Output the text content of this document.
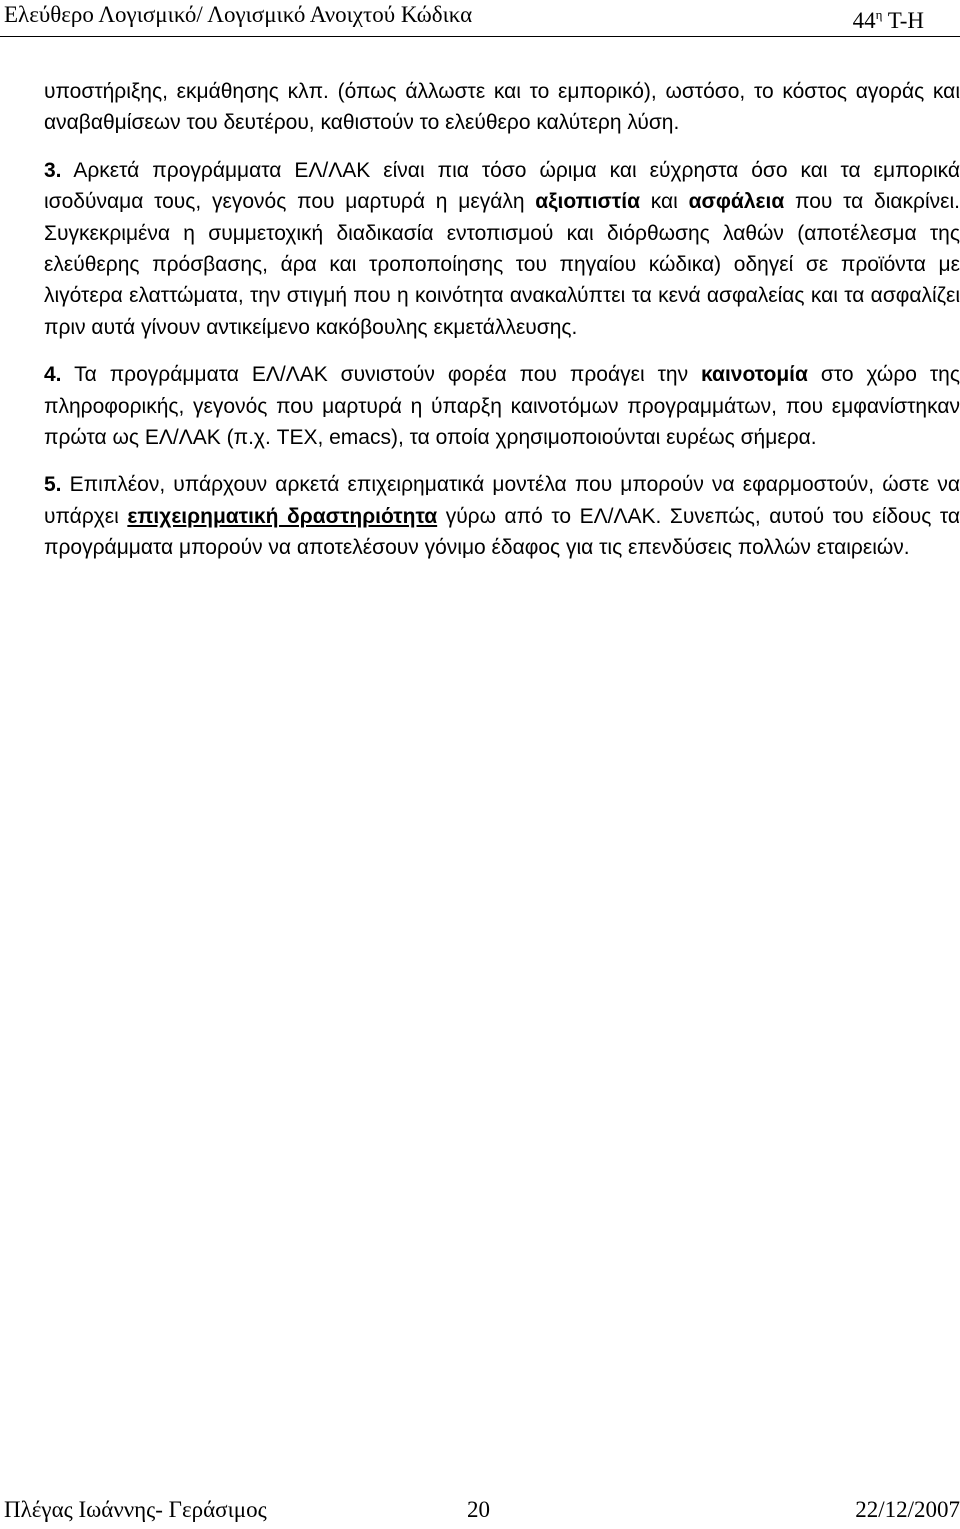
Ελεύθερο Λογισμικό/ Λογισμικό Ανοιχτού Κώδικα	$44^\eta$ Τ-Η

υποστήριξης, εκμάθησης κλπ. (όπως άλλωστε και το εμπορικό), ωστόσο, το κόστος αγοράς και αναβαθμίσεων του δευτέρου, καθιστούν το ελεύθερο καλύτερη λύση.

3. Αρκετά προγράμματα ΕΛ/ΛΑΚ είναι πια τόσο ώριμα και εύχρηστα όσο και τα εμπορικά ισοδύναμα τους, γεγονός που μαρτυρά η μεγάλη αξιοπιστία και ασφάλεια που τα διακρίνει. Συγκεκριμένα η συμμετοχική διαδικασία εντοπισμού και διόρθωσης λαθών (αποτέλεσμα της ελεύθερης πρόσβασης, άρα και τροποποίησης του πηγαίου κώδικα) οδηγεί σε προϊόντα με λιγότερα ελαττώματα, την στιγμή που η κοινότητα ανακαλύπτει τα κενά ασφαλείας και τα ασφαλίζει πριν αυτά γίνουν αντικείμενο κακόβουλης εκμετάλλευσης.

4. Τα προγράμματα ΕΛ/ΛΑΚ συνιστούν φορέα που προάγει την καινοτομία στο χώρο της πληροφορικής, γεγονός που μαρτυρά η ύπαρξη καινοτόμων προγραμμάτων, που εμφανίστηκαν πρώτα ως ΕΛ/ΛΑΚ (π.χ. TEX, emacs), τα οποία χρησιμοποιούνται ευρέως σήμερα.

5. Επιπλέον, υπάρχουν αρκετά επιχειρηματικά μοντέλα που μπορούν να εφαρμοστούν, ώστε να υπάρχει επιχειρηματική δραστηριότητα γύρω από το ΕΛ/ΛΑΚ. Συνεπώς, αυτού του είδους τα προγράμματα μπορούν να αποτελέσουν γόνιμο έδαφος για τις επενδύσεις πολλών εταιρειών.

Πλέγας Ιωάννης- Γεράσιμος	20	22/12/2007
